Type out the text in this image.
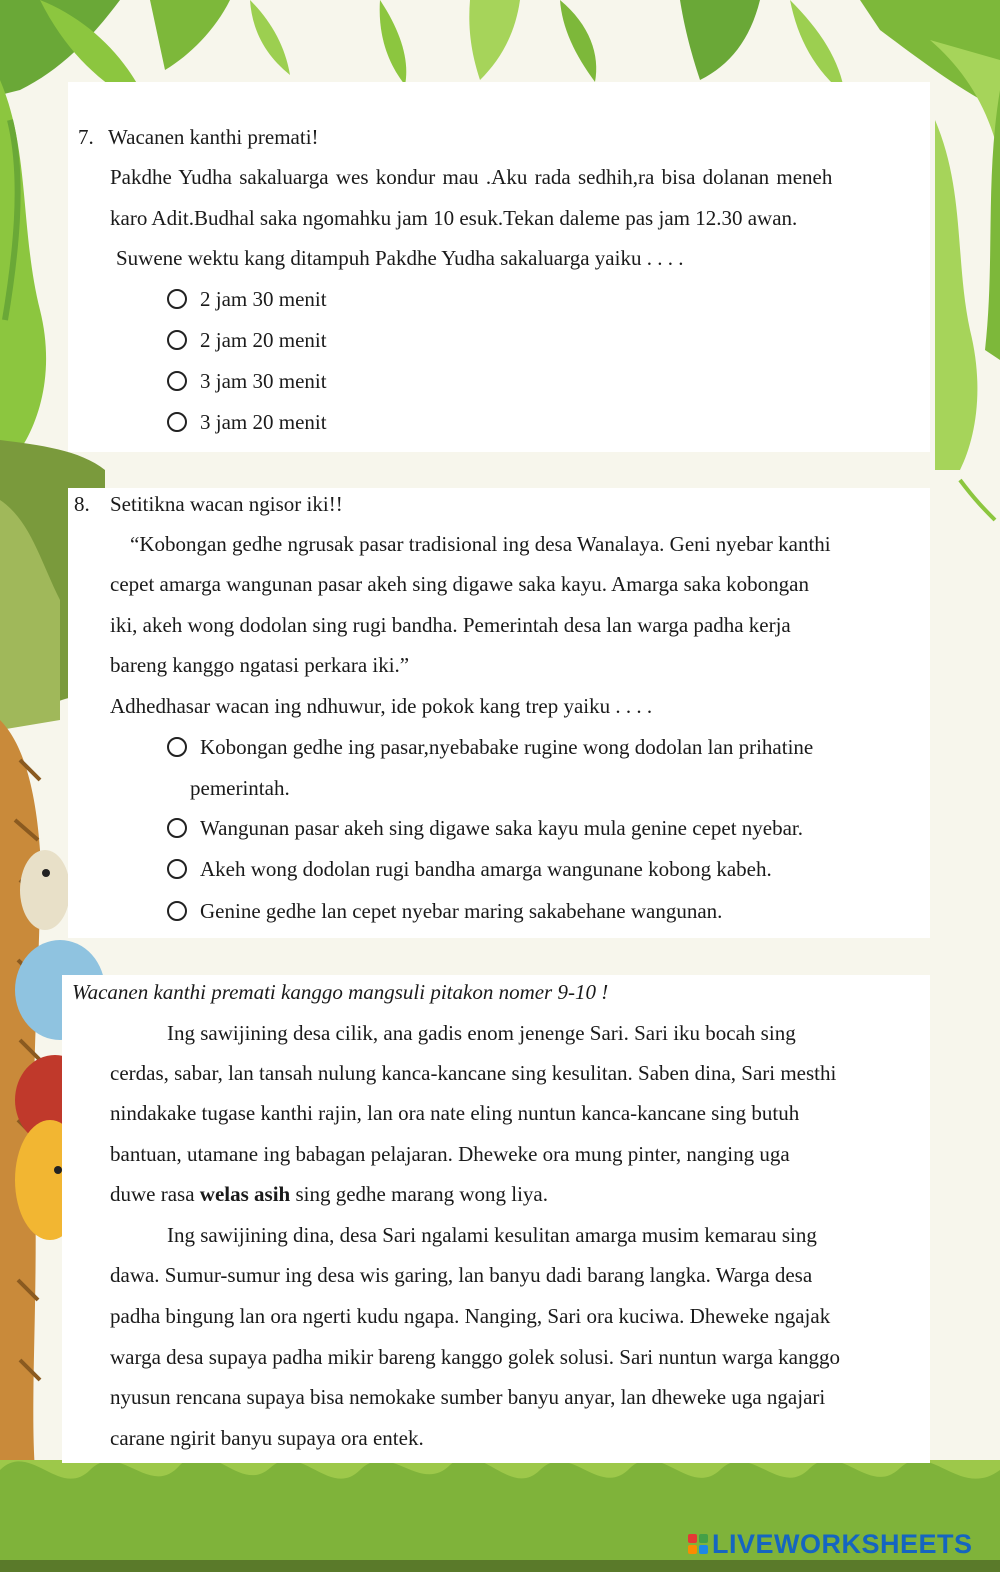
7. Wacanen kanthi premati!
Pakdhe Yudha sakaluarga wes kondur mau .Aku rada sedhih,ra bisa dolanan meneh
karo Adit.Budhal saka ngomahku jam 10 esuk.Tekan daleme pas jam 12.30 awan.
Suwene wektu kang ditampuh Pakdhe Yudha sakaluarga yaiku . . . .
2 jam 30 menit
2 jam 20 menit
3 jam 30 menit
3 jam 20 menit
8. Setitikna wacan ngisor iki!!
“Kobongan gedhe ngrusak pasar tradisional ing desa Wanalaya. Geni nyebar kanthi
cepet amarga wangunan pasar akeh sing digawe saka kayu. Amarga saka kobongan
iki, akeh wong dodolan sing rugi bandha. Pemerintah desa lan warga padha kerja
bareng kanggo ngatasi perkara iki.”
Adhedhasar wacan ing ndhuwur, ide pokok kang trep yaiku . . . .
Kobongan gedhe ing pasar,nyebabake rugine wong dodolan lan prihatine
pemerintah.
Wangunan pasar akeh sing digawe saka kayu mula genine cepet nyebar.
Akeh wong dodolan rugi bandha amarga wangunane kobong kabeh.
Genine gedhe lan cepet nyebar maring sakabehane wangunan.
Wacanen kanthi premati kanggo mangsuli pitakon nomer 9-10 !
Ing sawijining desa cilik, ana gadis enom jenenge Sari. Sari iku bocah sing
cerdas, sabar, lan tansah nulung kanca-kancane sing kesulitan. Saben dina, Sari mesthi
nindakake tugase kanthi rajin, lan ora nate eling nuntun kanca-kancane sing butuh
bantuan, utamane ing babagan pelajaran. Dheweke ora mung pinter, nanging uga
duwe rasa welas asih sing gedhe marang wong liya.
Ing sawijining dina, desa Sari ngalami kesulitan amarga musim kemarau sing
dawa. Sumur-sumur ing desa wis garing, lan banyu dadi barang langka. Warga desa
padha bingung lan ora ngerti kudu ngapa. Nanging, Sari ora kuciwa. Dheweke ngajak
warga desa supaya padha mikir bareng kanggo golek solusi. Sari nuntun warga kanggo
nyusun rencana supaya bisa nemokake sumber banyu anyar, lan dheweke uga ngajari
carane ngirit banyu supaya ora entek.
LIVEWORKSHEETS
